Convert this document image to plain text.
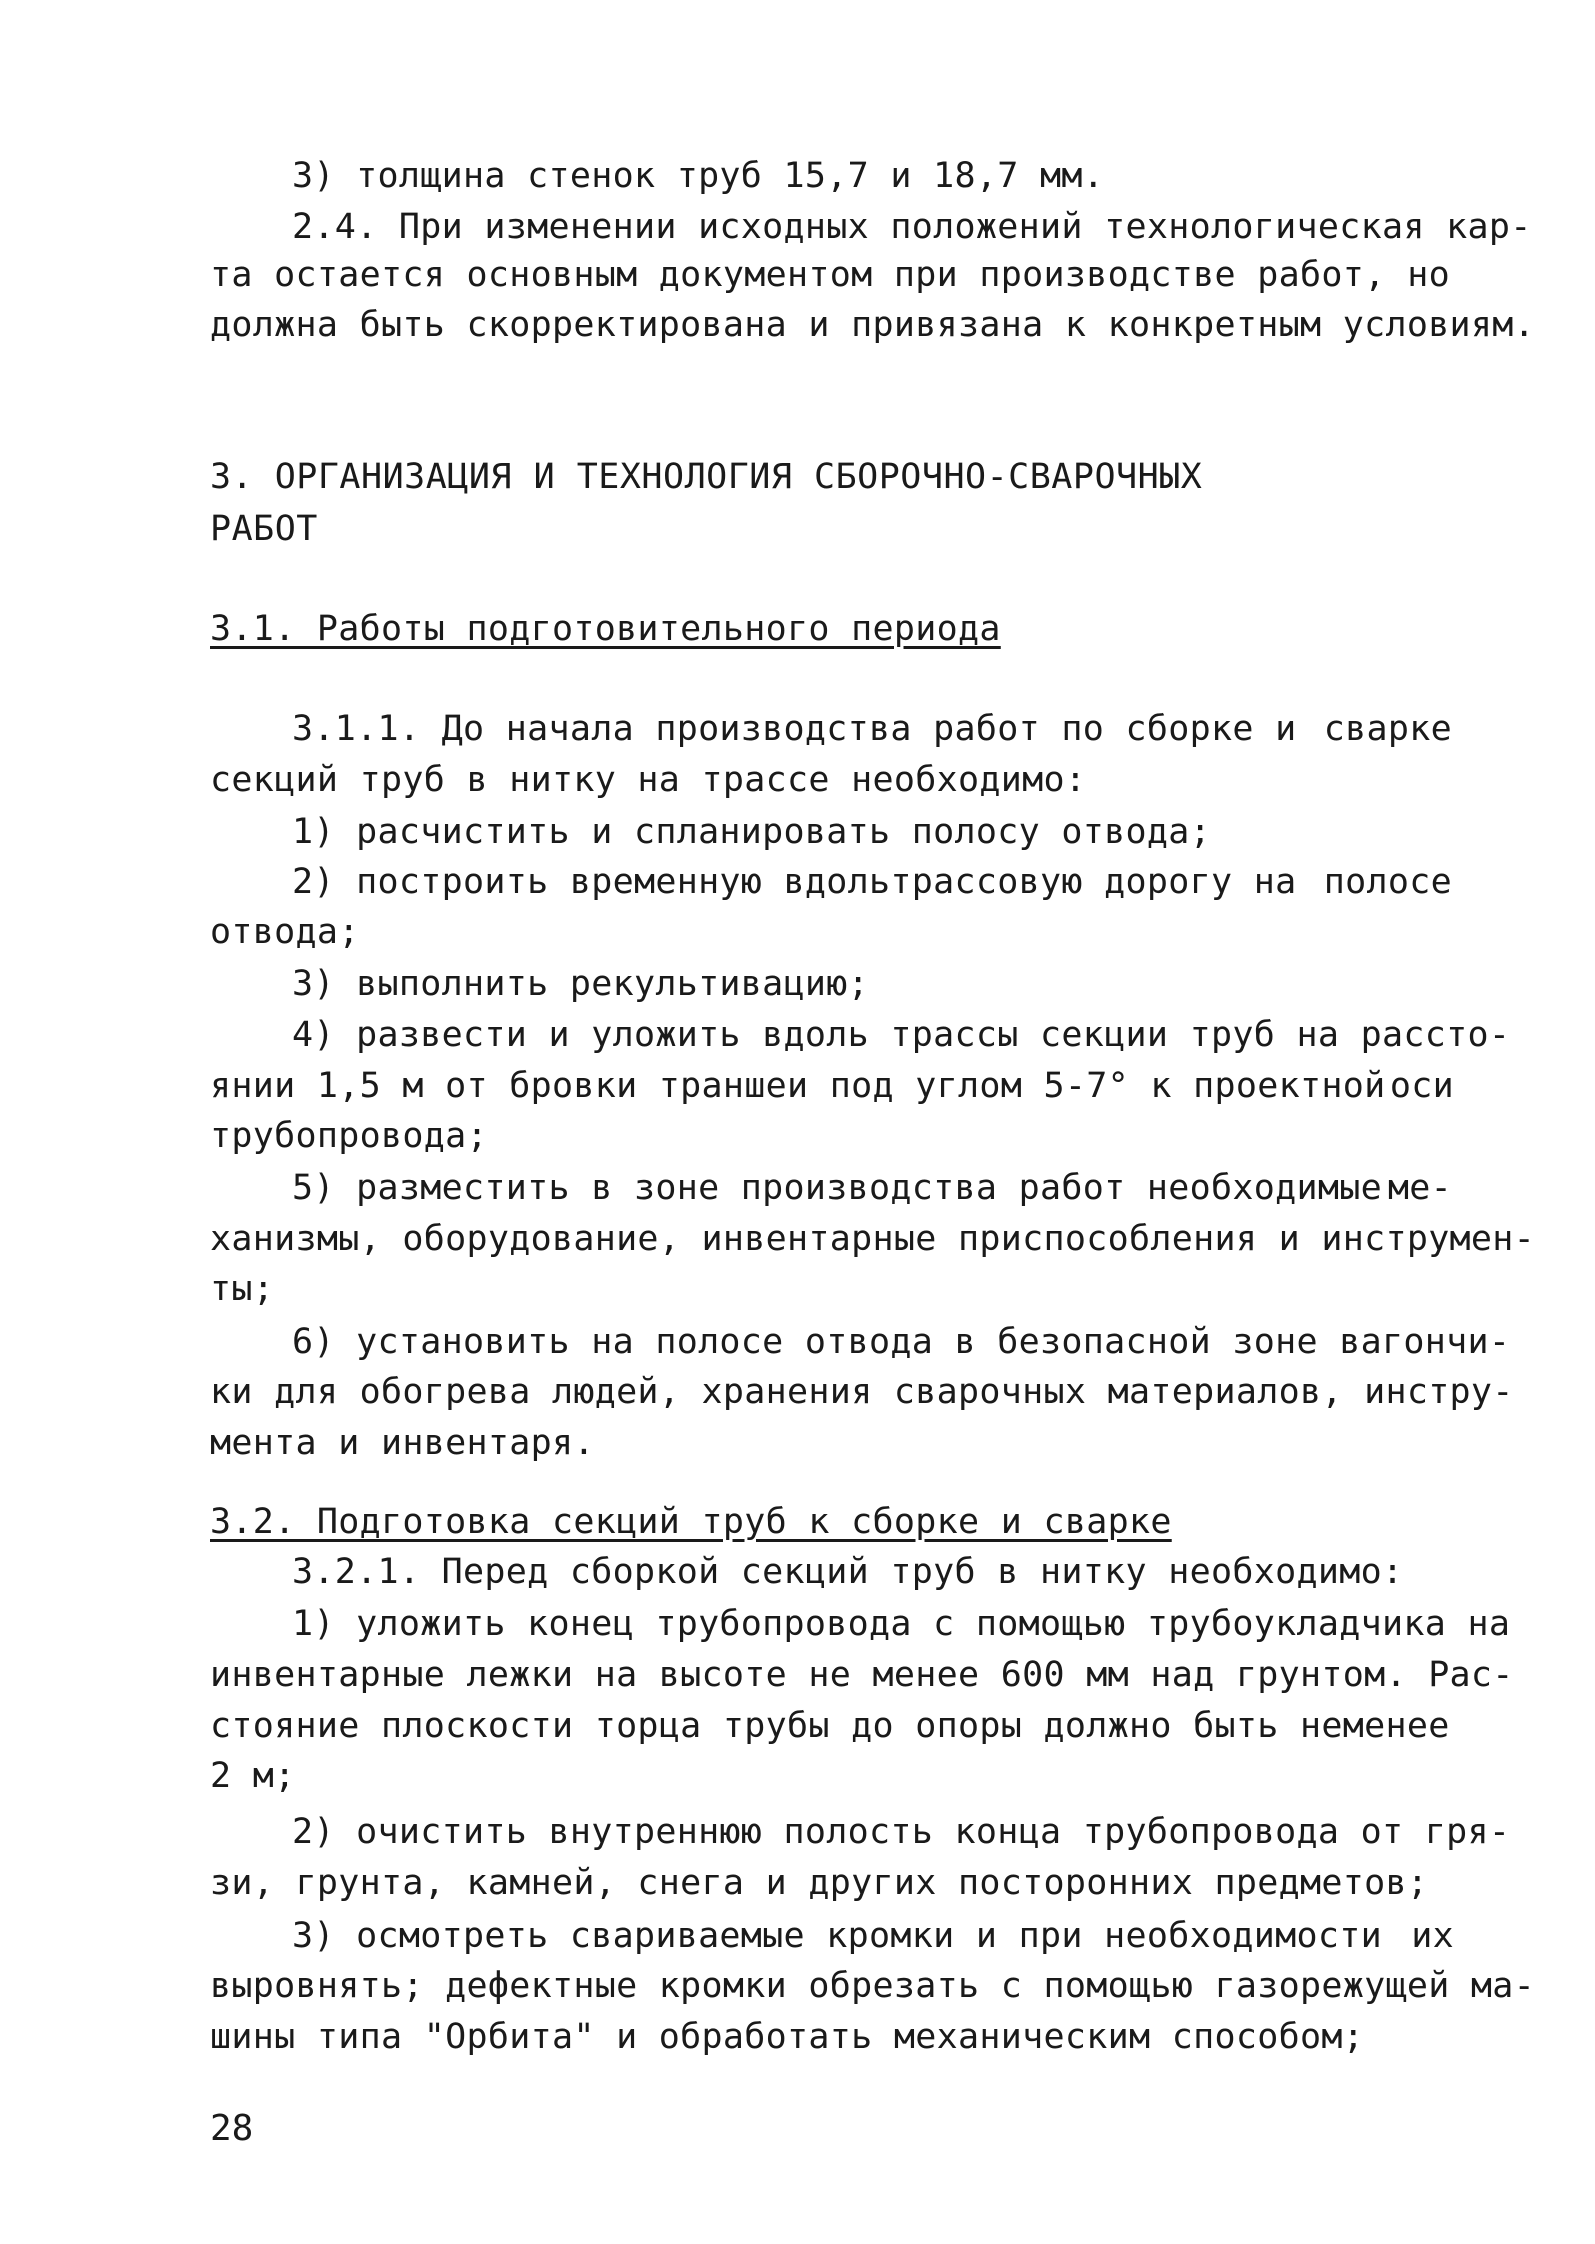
3) толщина стенок труб 15,7 и 18,7 мм.
2.4. При изменении исходных положений технологическая кар-
та остается основным документом при производстве работ, но
должна быть скорректирована и привязана к конкретным условиям.
3. ОРГАНИЗАЦИЯ И ТЕХНОЛОГИЯ СБОРОЧНО-СВАРОЧНЫХ
РАБОТ
3.1. Работы подготовительного периода
3.1.1. До начала производства работ по сборке и сварке
секций труб в нитку на трассе необходимо:
1) расчистить и спланировать полосу отвода;
2) построить временную вдольтрассовую дорогу на полосе
отвода;
3) выполнить рекультивацию;
4) развести и уложить вдоль трассы секции труб на рассто-
янии 1,5 м от бровки траншеи под углом 5-7° к проектной оси
трубопровода;
5) разместить в зоне производства работ необходимые ме-
ханизмы, оборудование, инвентарные приспособления и инструмен-
ты;
6) установить на полосе отвода в безопасной зоне вагончи-
ки для обогрева людей, хранения сварочных материалов, инстру-
мента и инвентаря.
3.2. Подготовка секций труб к сборке и сварке
3.2.1. Перед сборкой секций труб в нитку необходимо:
1) уложить конец трубопровода с помощью трубоукладчика на
инвентарные лежки на высоте не менее 600 мм над грунтом. Рас-
стояние плоскости торца трубы до опоры должно быть не менее
2 м;
2) очистить внутреннюю полость конца трубопровода от гря-
зи, грунта, камней, снега и других посторонних предметов;
3) осмотреть свариваемые кромки и при необходимости их
выровнять; дефектные кромки обрезать с помощью газорежущей ма-
шины типа "Орбита" и обработать механическим способом;
28
